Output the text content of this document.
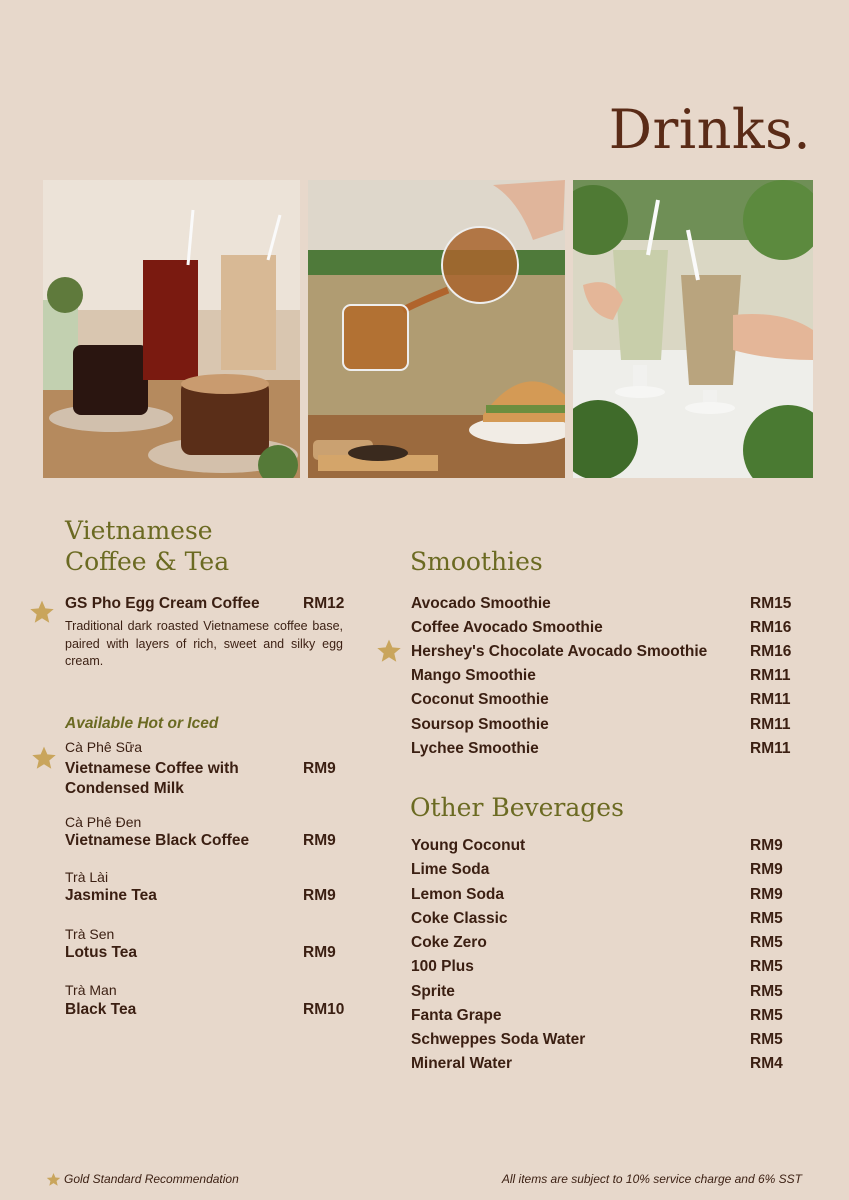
Drinks.
Vietnamese
Coffee & Tea
GS Pho Egg Cream Coffee	RM12
Traditional dark roasted Vietnamese coffee base, paired with layers of rich, sweet and silky egg cream.
Available Hot or Iced
Cà Phê Sữa
Vietnamese Coffee with
Condensed Milk
RM9
Cà Phê Đen
Vietnamese Black Coffee	RM9
Trà Lài
Jasmine Tea	RM9
Trà Sen
Lotus Tea	RM9
Trà Man
Black Tea	RM10
Smoothies
Avocado Smoothie	RM15
Coffee Avocado Smoothie	RM16
Hershey's Chocolate Avocado Smoothie	RM16
Mango Smoothie	RM11
Coconut Smoothie	RM11
Soursop Smoothie	RM11
Lychee Smoothie	RM11
Other Beverages
Young Coconut	RM9
Lime Soda	RM9
Lemon Soda	RM9
Coke Classic	RM5
Coke Zero	RM5
100 Plus	RM5
Sprite	RM5
Fanta Grape	RM5
Schweppes Soda Water	RM5
Mineral Water	RM4
Gold Standard Recommendation	All items are subject to 10% service charge and 6% SST
